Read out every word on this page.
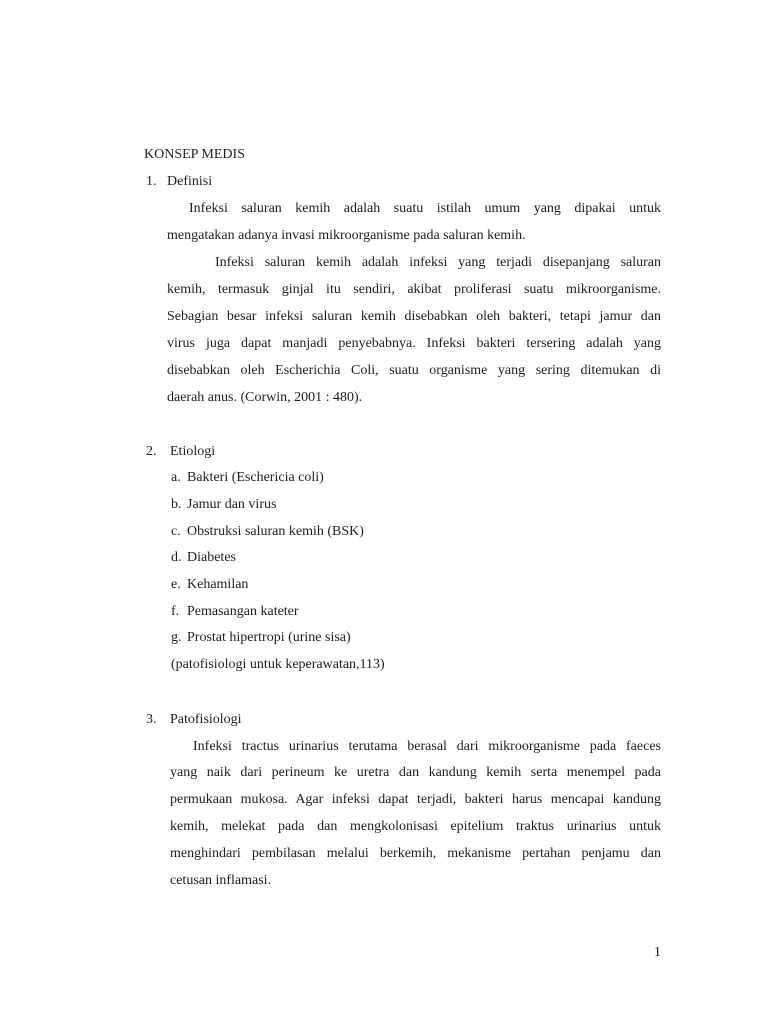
KONSEP MEDIS
1. Definisi
Infeksi saluran kemih adalah suatu istilah umum yang dipakai untuk
mengatakan adanya invasi mikroorganisme pada saluran kemih.
Infeksi saluran kemih adalah infeksi yang terjadi disepanjang saluran
kemih, termasuk ginjal itu sendiri, akibat proliferasi suatu mikroorganisme.
Sebagian besar infeksi saluran kemih disebabkan oleh bakteri, tetapi jamur dan
virus juga dapat manjadi penyebabnya. Infeksi bakteri tersering adalah yang
disebabkan oleh Escherichia Coli, suatu organisme yang sering ditemukan di
daerah anus. (Corwin, 2001 : 480).
2. Etiologi
a. Bakteri (Eschericia coli)
b. Jamur dan virus
c. Obstruksi saluran kemih (BSK)
d. Diabetes
e. Kehamilan
f. Pemasangan kateter
g. Prostat hipertropi (urine sisa)
(patofisiologi untuk keperawatan,113)
3. Patofisiologi
Infeksi tractus urinarius terutama berasal dari mikroorganisme pada faeces
yang naik dari perineum ke uretra dan kandung kemih serta menempel pada
permukaan mukosa. Agar infeksi dapat terjadi, bakteri harus mencapai kandung
kemih, melekat pada dan mengkolonisasi epitelium traktus urinarius untuk
menghindari pembilasan melalui berkemih, mekanisme pertahan penjamu dan
cetusan inflamasi.
1
